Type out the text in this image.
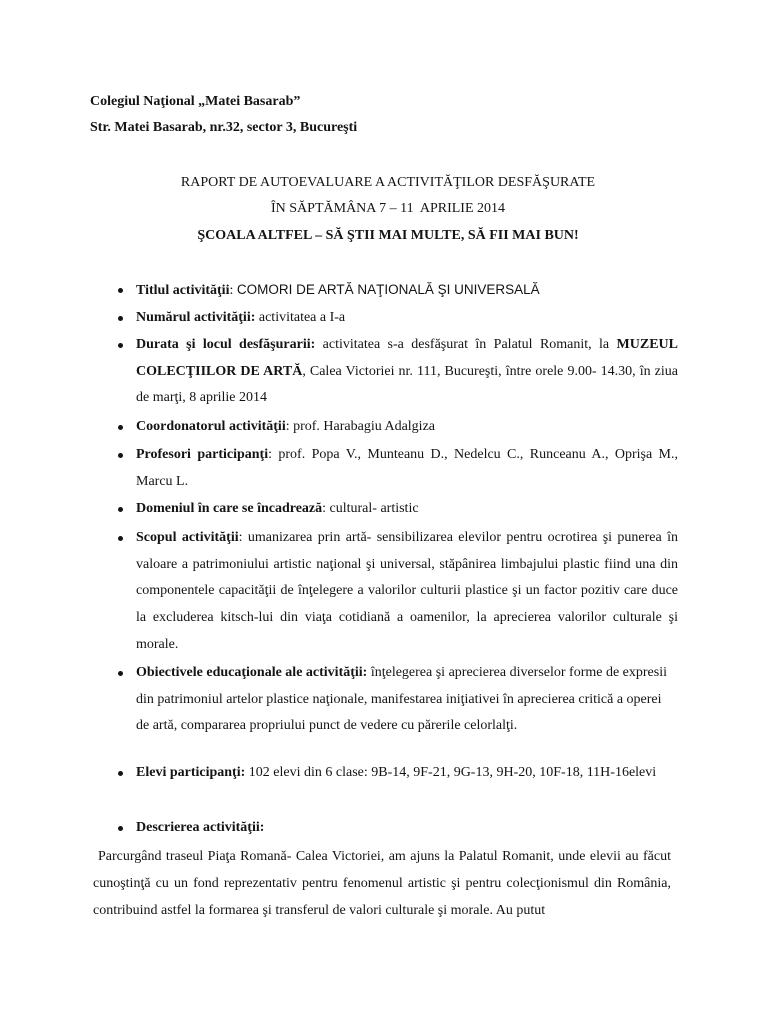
Colegiul Naţional „Matei Basarab”
Str. Matei Basarab, nr.32, sector 3, Bucureşti
RAPORT DE AUTOEVALUARE A ACTIVITĂŢILOR DESFĂŞURATE
ÎN SĂPTĂMÂNA 7 – 11  APRILIE 2014
ŞCOALA ALTFEL – SĂ ŞTII MAI MULTE, SĂ FII MAI BUN!
Titlul activităţii: COMORI DE ARTĂ NAŢIONALĂ ŞI UNIVERSALĂ
Numărul activităţii: activitatea a I-a
Durata şi locul desfăşurarii: activitatea s-a desfăşurat în Palatul Romanit, la MUZEUL COLECŢIILOR DE ARTĂ, Calea Victoriei nr. 111, Bucureşti, între orele 9.00- 14.30, în ziua de marţi, 8 aprilie 2014
Coordonatorul activităţii: prof. Harabagiu Adalgiza
Profesori participanţi: prof. Popa V., Munteanu D., Nedelcu C., Runceanu A., Oprişa M., Marcu L.
Domeniul în care se încadrează: cultural- artistic
Scopul activităţii: umanizarea prin artă- sensibilizarea elevilor pentru ocrotirea şi punerea în valoare a patrimoniului artistic naţional şi universal, stăpânirea limbajului plastic fiind una din componentele capacităţii de înţelegere a valorilor culturii plastice şi un factor pozitiv care duce la excluderea kitsch-lui din viaţa cotidiană a oamenilor, la aprecierea valorilor culturale şi morale.
Obiectivele educaţionale ale activităţii: înţelegerea şi aprecierea diverselor forme de expresii din patrimoniul artelor plastice naţionale, manifestarea iniţiativei în aprecierea critică a operei de artă, compararea propriului punct de vedere cu părerile celorlalţi.
Elevi participanţi: 102 elevi din 6 clase: 9B-14, 9F-21, 9G-13, 9H-20, 10F-18, 11H-16elevi
Descrierea activităţii:
Parcurgând traseul Piaţa Romană- Calea Victoriei, am ajuns la Palatul Romanit, unde elevii au făcut cunoştinţă cu un fond reprezentativ pentru fenomenul artistic şi pentru colecţionismul din România, contribuind astfel la formarea şi transferul de valori culturale şi morale. Au putut
